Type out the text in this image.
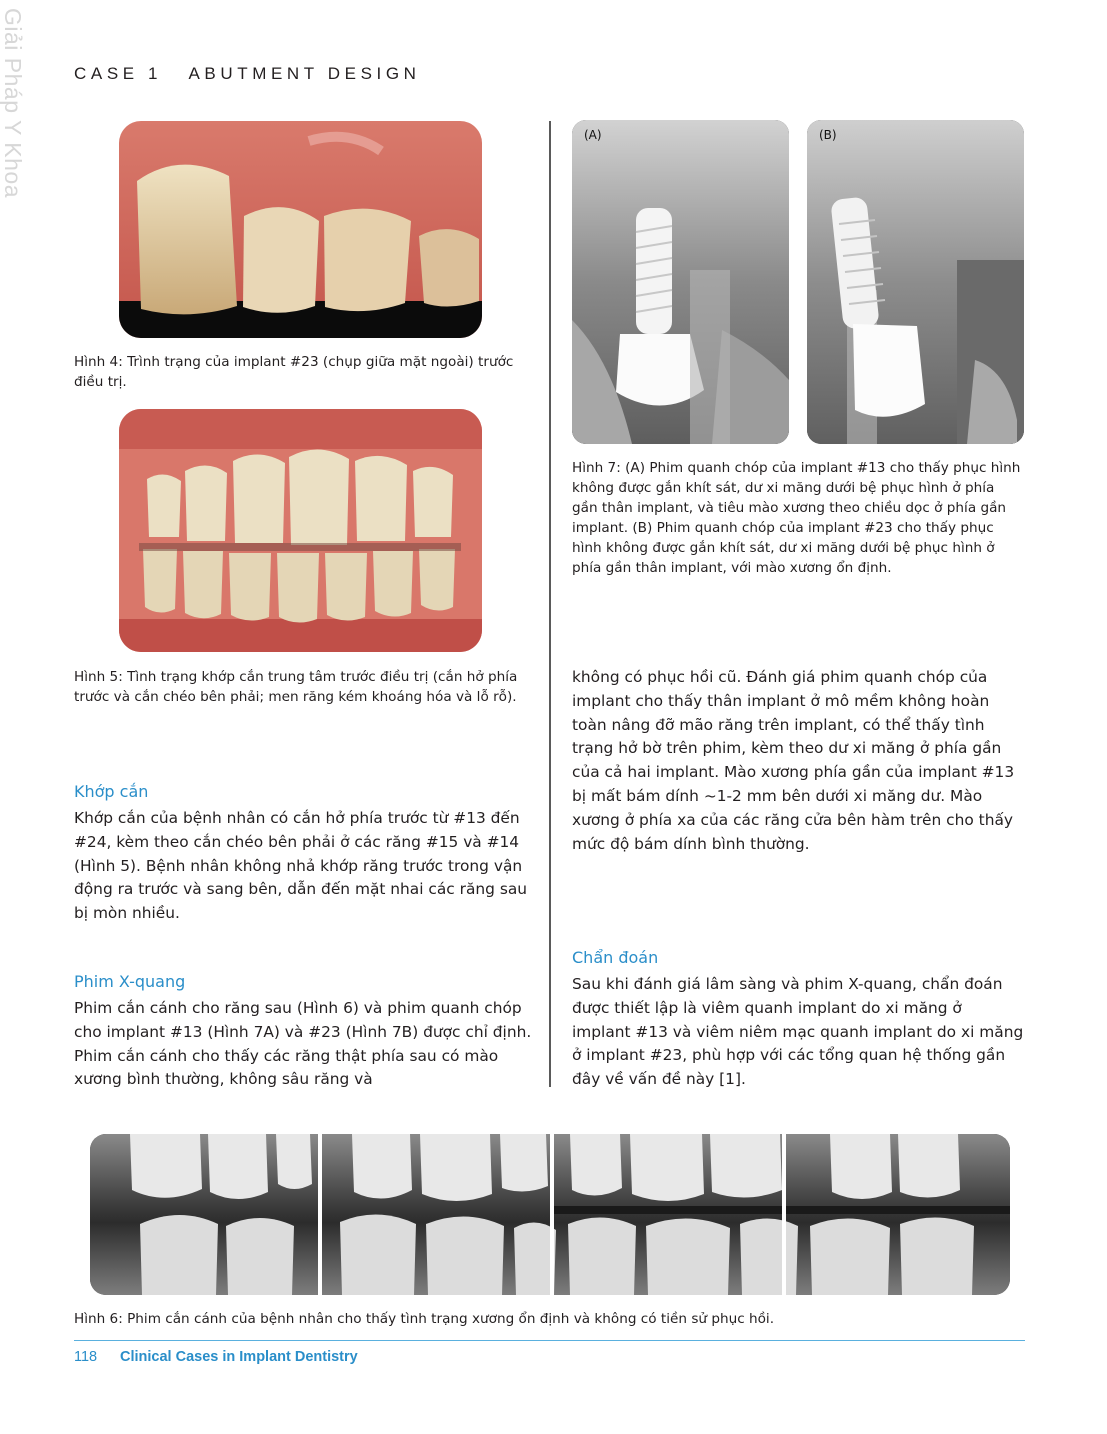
Giải Pháp Y Khoa	CASE 1 ABUTMENT DESIGN
Hình 4: Trình trạng của implant #23 (chụp giữa mặt ngoài) trước điều trị.
Hình 5: Tình trạng khớp cắn trung tâm trước điều trị (cắn hở phía trước và cắn chéo bên phải; men răng kém khoáng hóa và lỗ rỗ).
Khớp cắn
Khớp cắn của bệnh nhân có cắn hở phía trước từ #13 đến #24, kèm theo cắn chéo bên phải ở các răng #15 và #14 (Hình 5). Bệnh nhân không nhả khớp răng trước trong vận động ra trước và sang bên, dẫn đến mặt nhai các răng sau bị mòn nhiều.
Phim X-quang
Phim cắn cánh cho răng sau (Hình 6) và phim quanh chóp cho implant #13 (Hình 7A) và #23 (Hình 7B) được chỉ định. Phim cắn cánh cho thấy các răng thật phía sau có mào xương bình thường, không sâu răng và
(A)	(B)
Hình 7: (A) Phim quanh chóp của implant #13 cho thấy phục hình không được gắn khít sát, dư xi măng dưới bệ phục hình ở phía gần thân implant, và tiêu mào xương theo chiều dọc ở phía gần implant. (B) Phim quanh chóp của implant #23 cho thấy phục hình không được gắn khít sát, dư xi măng dưới bệ phục hình ở phía gần thân implant, với mào xương ổn định.
không có phục hồi cũ. Đánh giá phim quanh chóp của implant cho thấy thân implant ở mô mềm không hoàn toàn nâng đỡ mão răng trên implant, có thể thấy tình trạng hở bờ trên phim, kèm theo dư xi măng ở phía gần của cả hai implant. Mào xương phía gần của implant #13 bị mất bám dính ~1-2 mm bên dưới xi măng dư. Mào xương ở phía xa của các răng cửa bên hàm trên cho thấy mức độ bám dính bình thường.
Chẩn đoán
Sau khi đánh giá lâm sàng và phim X-quang, chẩn đoán được thiết lập là viêm quanh implant do xi măng ở implant #13 và viêm niêm mạc quanh implant do xi măng ở implant #23, phù hợp với các tổng quan hệ thống gần đây về vấn đề này [1].
Hình 6: Phim cắn cánh của bệnh nhân cho thấy tình trạng xương ổn định và không có tiền sử phục hồi.
118 Clinical Cases in Implant Dentistry
